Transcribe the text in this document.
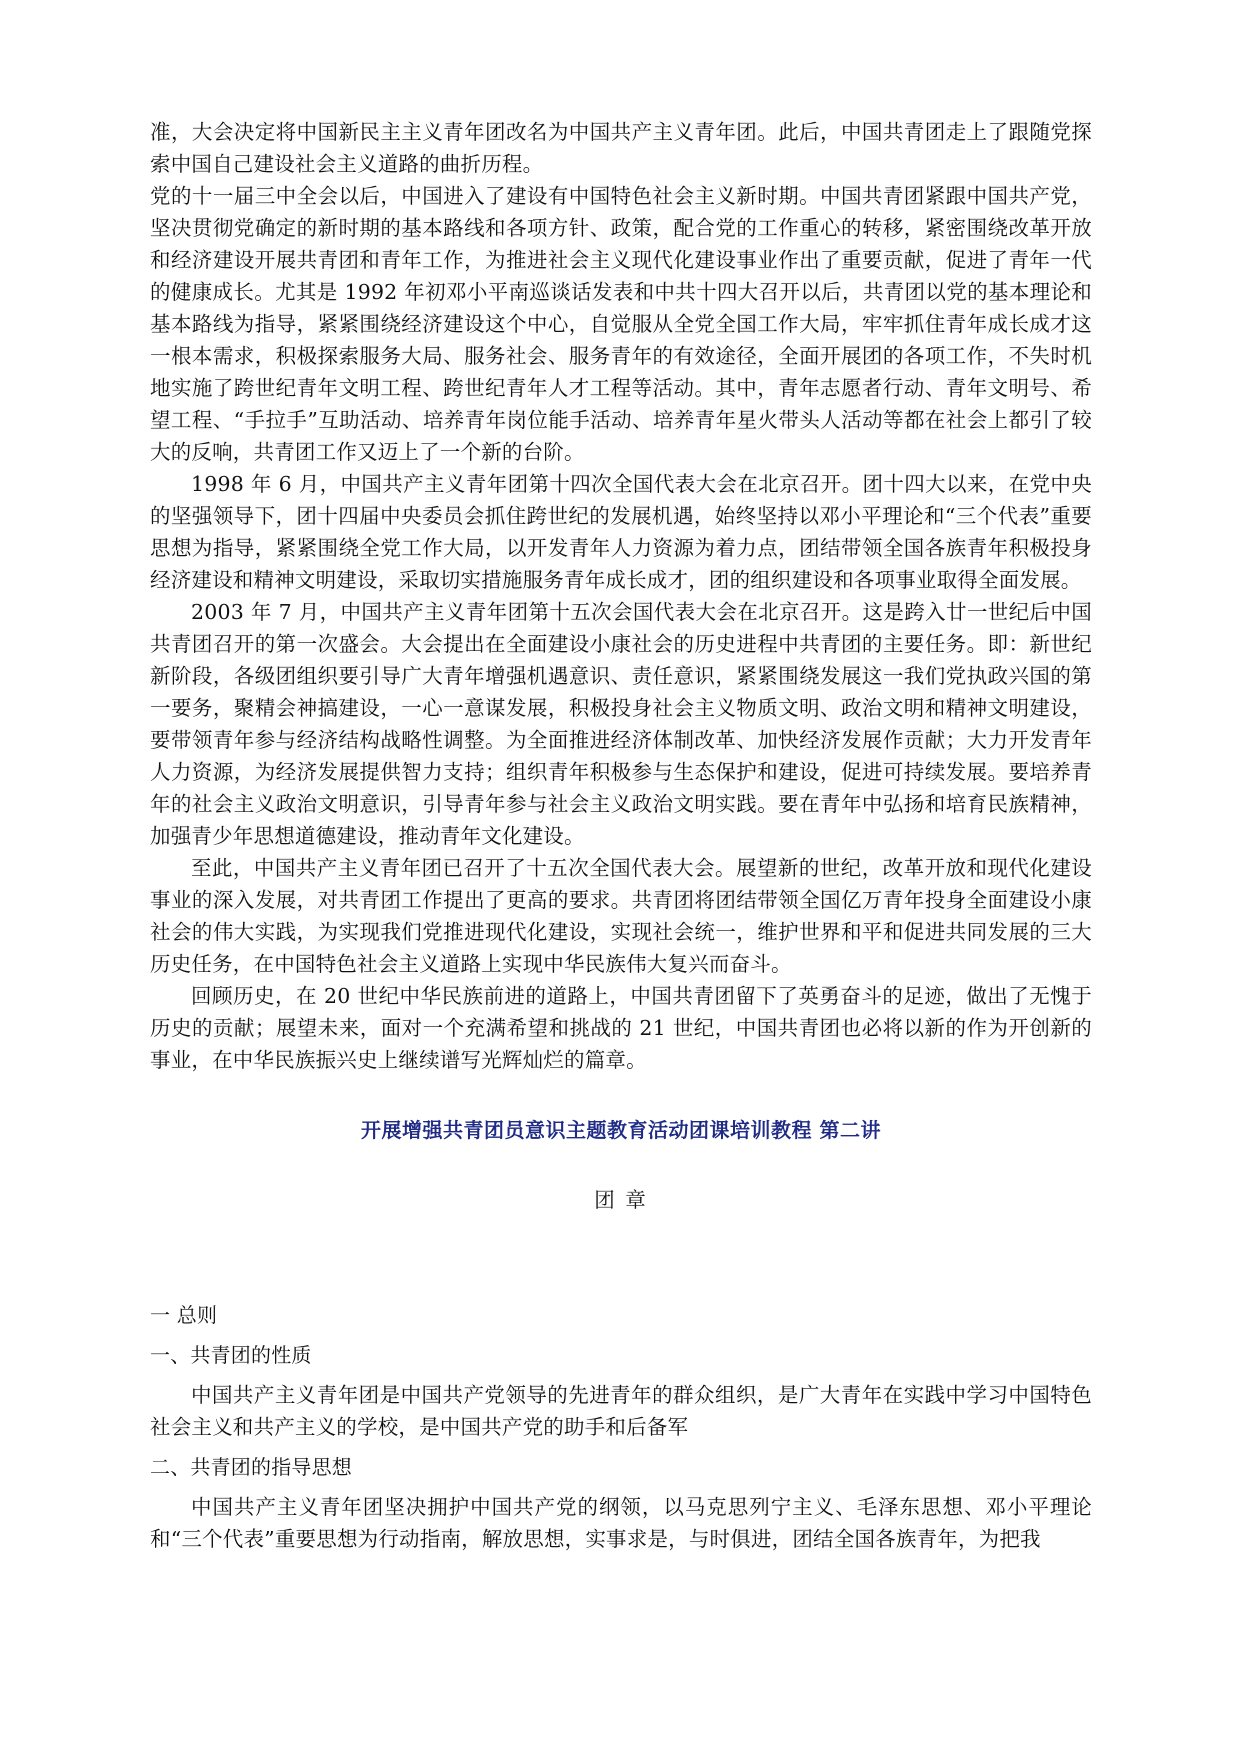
准，大会决定将中国新民主主义青年团改名为中国共产主义青年团。此后，中国共青团走上了跟随党探索中国自己建设社会主义道路的曲折历程。

党的十一届三中全会以后，中国进入了建设有中国特色社会主义新时期。中国共青团紧跟中国共产党，坚决贯彻党确定的新时期的基本路线和各项方针、政策，配合党的工作重心的转移，紧密围绕改革开放和经济建设开展共青团和青年工作，为推进社会主义现代化建设事业作出了重要贡献，促进了青年一代的健康成长。尤其是 1992 年初邓小平南巡谈话发表和中共十四大召开以后，共青团以党的基本理论和基本路线为指导，紧紧围绕经济建设这个中心，自觉服从全党全国工作大局，牢牢抓住青年成长成才这一根本需求，积极探索服务大局、服务社会、服务青年的有效途径，全面开展团的各项工作，不失时机地实施了跨世纪青年文明工程、跨世纪青年人才工程等活动。其中，青年志愿者行动、青年文明号、希望工程、“手拉手”互助活动、培养青年岗位能手活动、培养青年星火带头人活动等都在社会上都引了较大的反响，共青团工作又迈上了一个新的台阶。

1998 年 6 月，中国共产主义青年团第十四次全国代表大会在北京召开。团十四大以来，在党中央的坚强领导下，团十四届中央委员会抓住跨世纪的发展机遇，始终坚持以邓小平理论和“三个代表”重要思想为指导，紧紧围绕全党工作大局，以开发青年人力资源为着力点，团结带领全国各族青年积极投身经济建设和精神文明建设，采取切实措施服务青年成长成才，团的组织建设和各项事业取得全面发展。

2003 年 7 月，中国共产主义青年团第十五次会国代表大会在北京召开。这是跨入廿一世纪后中国共青团召开的第一次盛会。大会提出在全面建设小康社会的历史进程中共青团的主要任务。即：新世纪新阶段，各级团组织要引导广大青年增强机遇意识、责任意识，紧紧围绕发展这一我们党执政兴国的第一要务，聚精会神搞建设，一心一意谋发展，积极投身社会主义物质文明、政治文明和精神文明建设，要带领青年参与经济结构战略性调整。为全面推进经济体制改革、加快经济发展作贡献；大力开发青年人力资源，为经济发展提供智力支持；组织青年积极参与生态保护和建设，促进可持续发展。要培养青年的社会主义政治文明意识，引导青年参与社会主义政治文明实践。要在青年中弘扬和培育民族精神，加强青少年思想道德建设，推动青年文化建设。

至此，中国共产主义青年团已召开了十五次全国代表大会。展望新的世纪，改革开放和现代化建设事业的深入发展，对共青团工作提出了更高的要求。共青团将团结带领全国亿万青年投身全面建设小康社会的伟大实践，为实现我们党推进现代化建设，实现社会统一，维护世界和平和促进共同发展的三大历史任务，在中国特色社会主义道路上实现中华民族伟大复兴而奋斗。

回顾历史，在 20 世纪中华民族前进的道路上，中国共青团留下了英勇奋斗的足迹，做出了无愧于历史的贡献；展望未来，面对一个充满希望和挑战的 21 世纪，中国共青团也必将以新的作为开创新的事业，在中华民族振兴史上继续谱写光辉灿烂的篇章。

开展增强共青团员意识主题教育活动团课培训教程 第二讲
团 章

一 总则

一、共青团的性质

中国共产主义青年团是中国共产党领导的先进青年的群众组织，是广大青年在实践中学习中国特色社会主义和共产主义的学校，是中国共产党的助手和后备军

二、共青团的指导思想

中国共产主义青年团坚决拥护中国共产党的纲领，以马克思列宁主义、毛泽东思想、邓小平理论和“三个代表”重要思想为行动指南，解放思想，实事求是，与时俱进，团结全国各族青年，为把我
